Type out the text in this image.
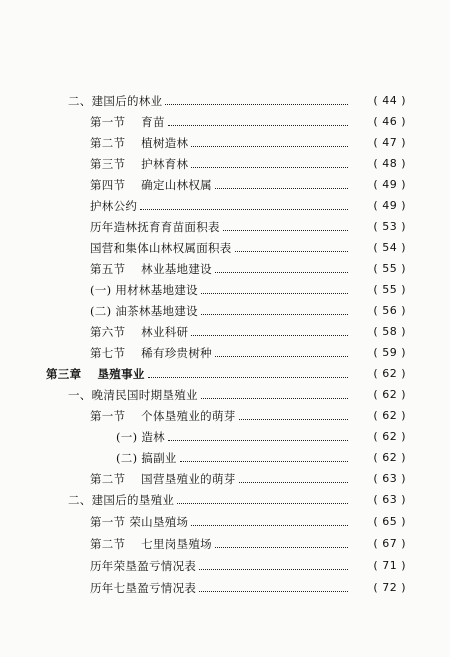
二、建国后的林业	( 44 )
第一节　 育苗	( 46 )
第二节　 植树造林	( 47 )
第三节　 护林育林	( 48 )
第四节　 确定山林权属	( 49 )
护林公约	( 49 )
历年造林抚育育苗面积表	( 53 )
国营和集体山林权属面积表	( 54 )
第五节　 林业基地建设	( 55 )
(一) 用材林基地建设	( 55 )
(二) 油茶林基地建设	( 56 )
第六节　 林业科研	( 58 )
第七节　 稀有珍贵树种	( 59 )
第三章　 垦殖事业	( 62 )
一、晚清民国时期垦殖业	( 62 )
第一节　 个体垦殖业的萌芽	( 62 )
(一) 造林	( 62 )
(二) 搞副业	( 62 )
第二节　 国营垦殖业的萌芽	( 63 )
二、建国后的垦殖业	( 63 )
第一节 荣山垦殖场	( 65 )
第二节　 七里岗垦殖场	( 67 )
历年荣垦盈亏情况表	( 71 )
历年七垦盈亏情况表	( 72 )
